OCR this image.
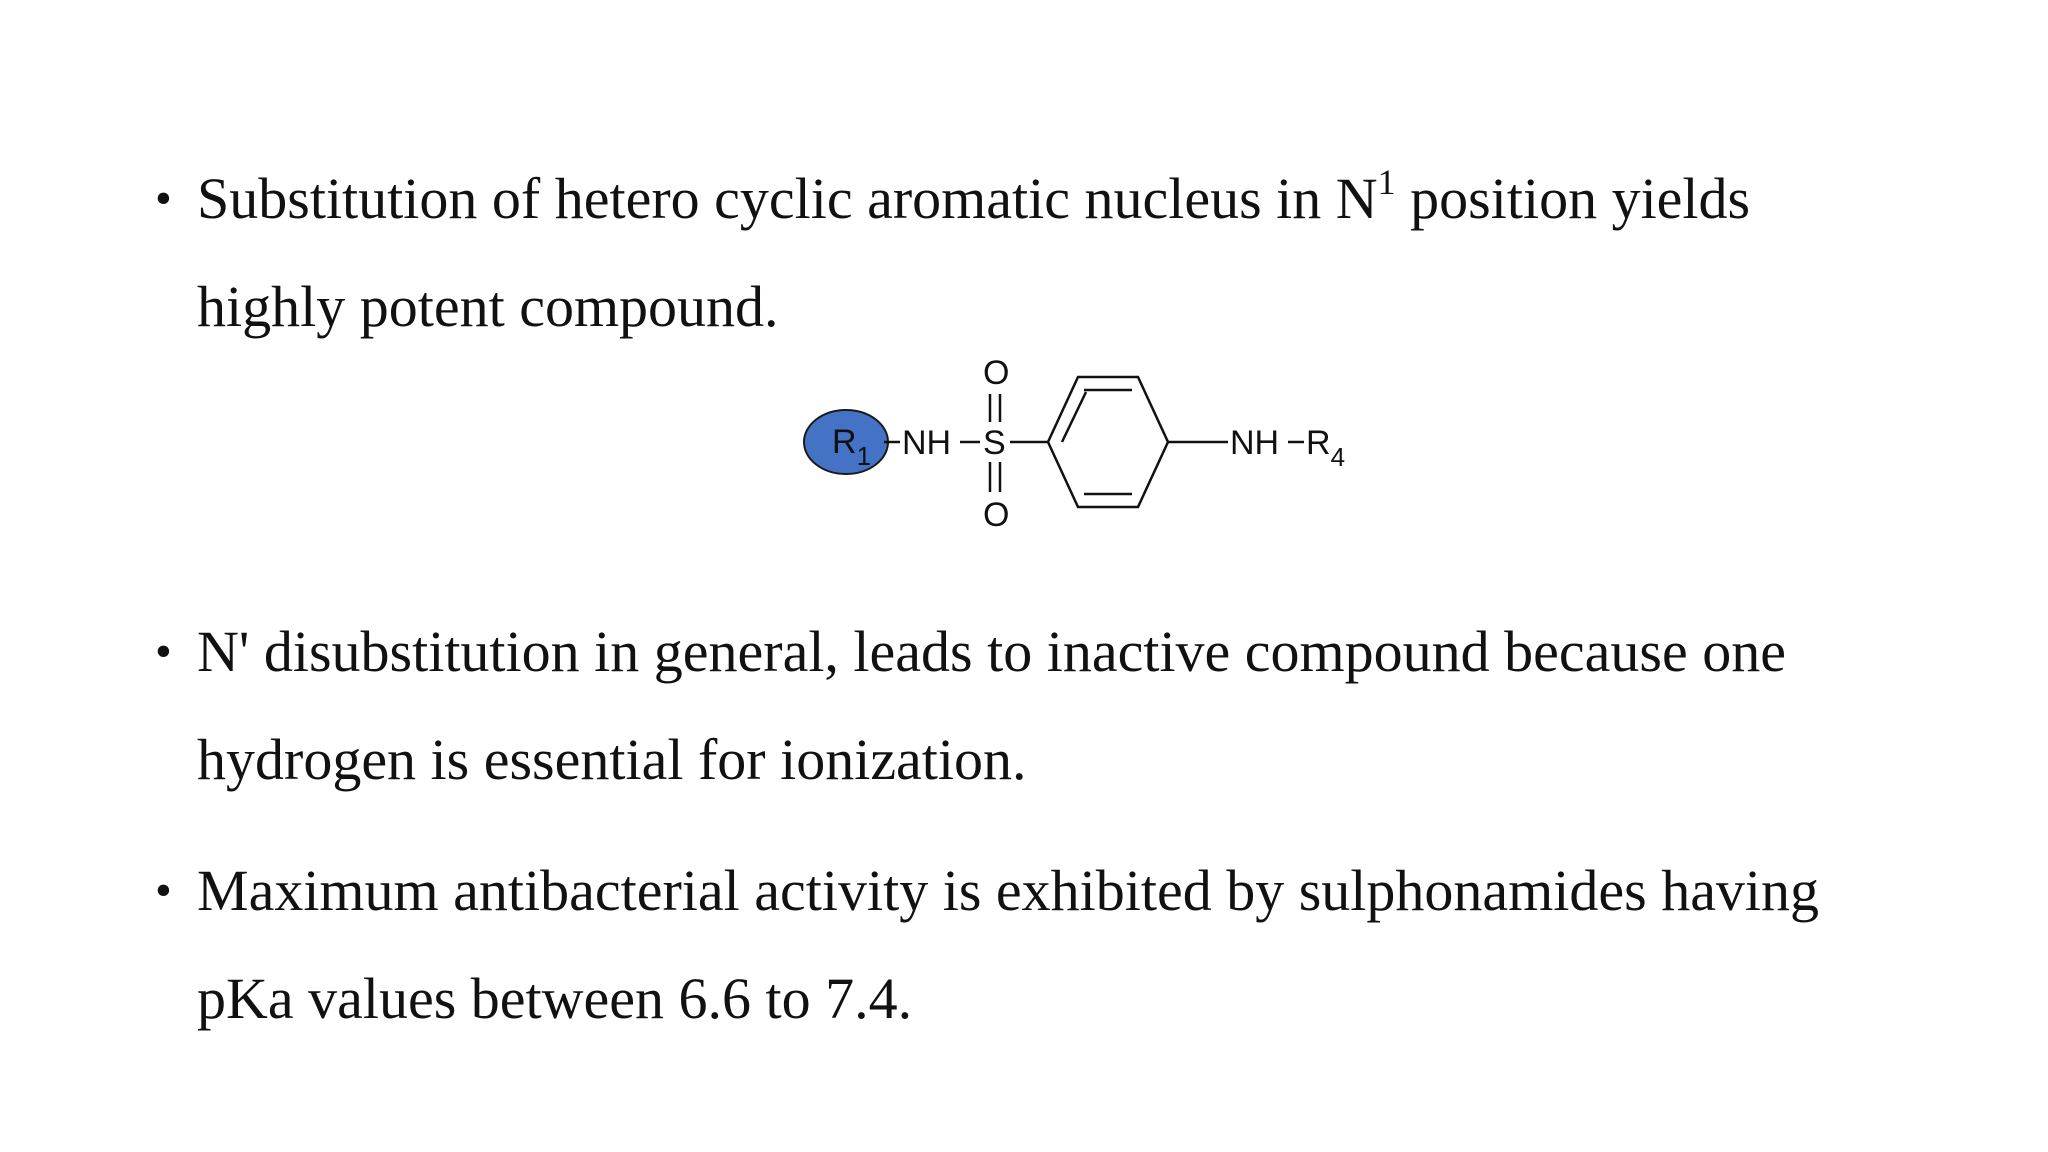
• Substitution of hetero cyclic aromatic nucleus in $N^1$ position yields
highly potent compound.
$R_1$ NH S
O
O
NH $R_4$
• N' disubstitution in general, leads to inactive compound because one
hydrogen is essential for ionization.
• Maximum antibacterial activity is exhibited by sulphonamides having
pKa values between 6.6 to 7.4.
